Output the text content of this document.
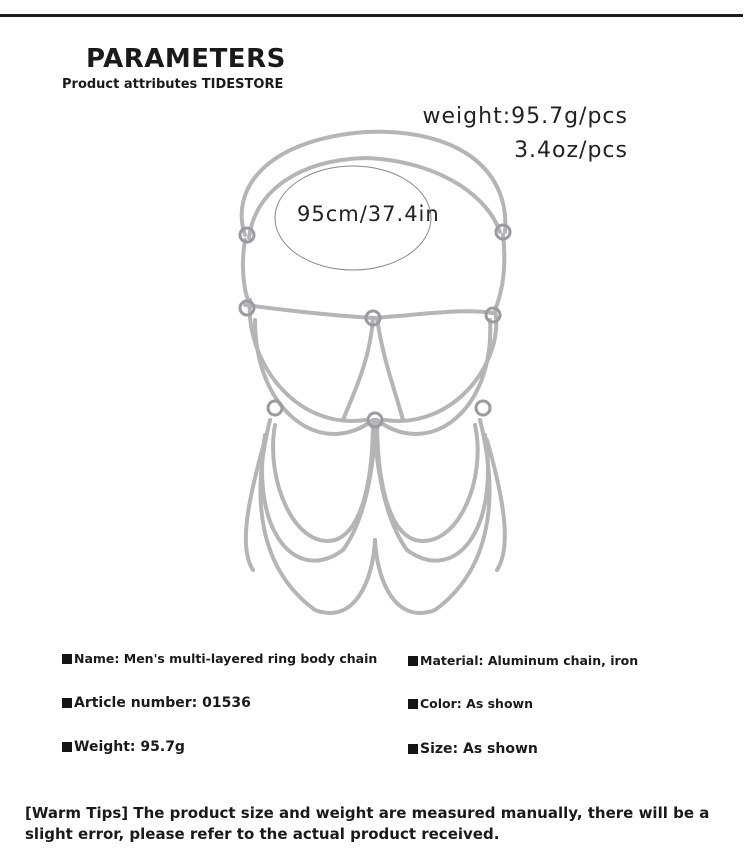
PARAMETERS
Product attributes TIDESTORE
weight:95.7g/pcs
3.4oz/pcs
95cm/37.4in
Name: Men's multi-layered ring body chain	Material: Aluminum chain, iron
Article number: 01536	Color: As shown
Weight: 95.7g	Size: As shown
[Warm Tips] The product size and weight are measured manually, there will be a slight error, please refer to the actual product received.
